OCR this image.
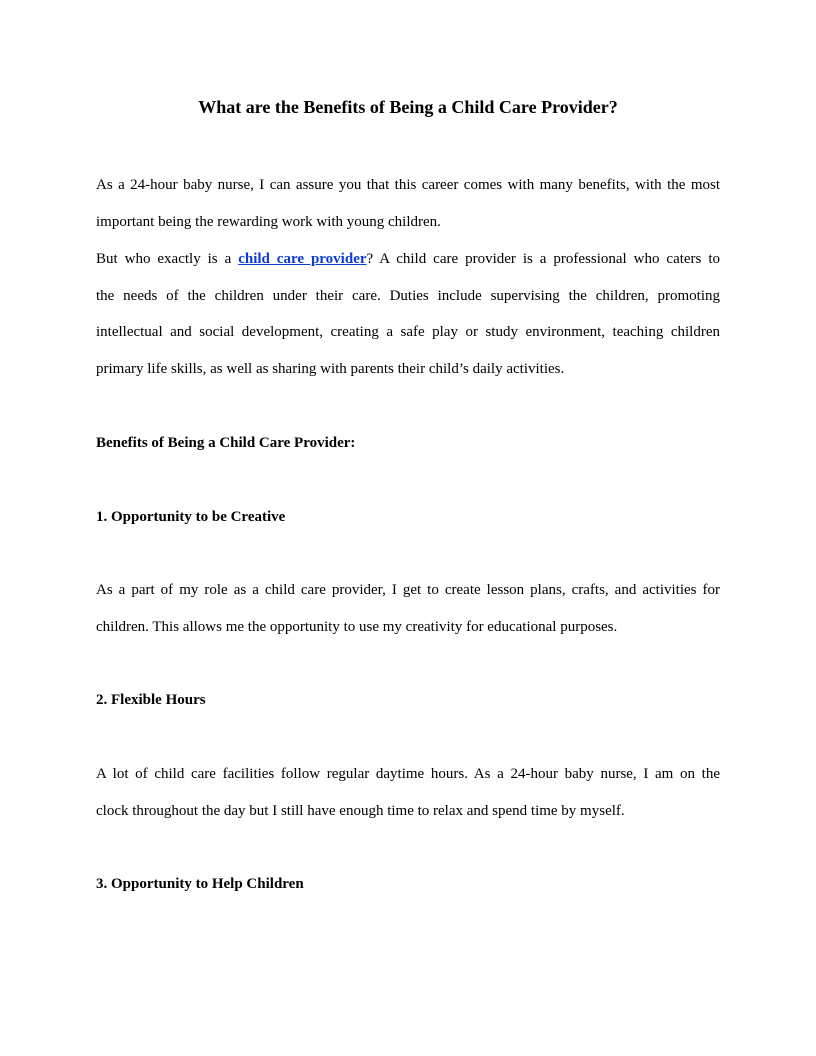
What are the Benefits of Being a Child Care Provider?

As a 24-hour baby nurse, I can assure you that this career comes with many benefits, with the most

important being the rewarding work with young children.

But who exactly is a child care provider? A child care provider is a professional who caters to

the needs of the children under their care. Duties include supervising the children, promoting

intellectual and social development, creating a safe play or study environment, teaching children

primary life skills, as well as sharing with parents their child’s daily activities.

Benefits of Being a Child Care Provider:

1. Opportunity to be Creative

As a part of my role as a child care provider, I get to create lesson plans, crafts, and activities for

children. This allows me the opportunity to use my creativity for educational purposes.

2. Flexible Hours

A lot of child care facilities follow regular daytime hours. As a 24-hour baby nurse, I am on the

clock throughout the day but I still have enough time to relax and spend time by myself.

3. Opportunity to Help Children
